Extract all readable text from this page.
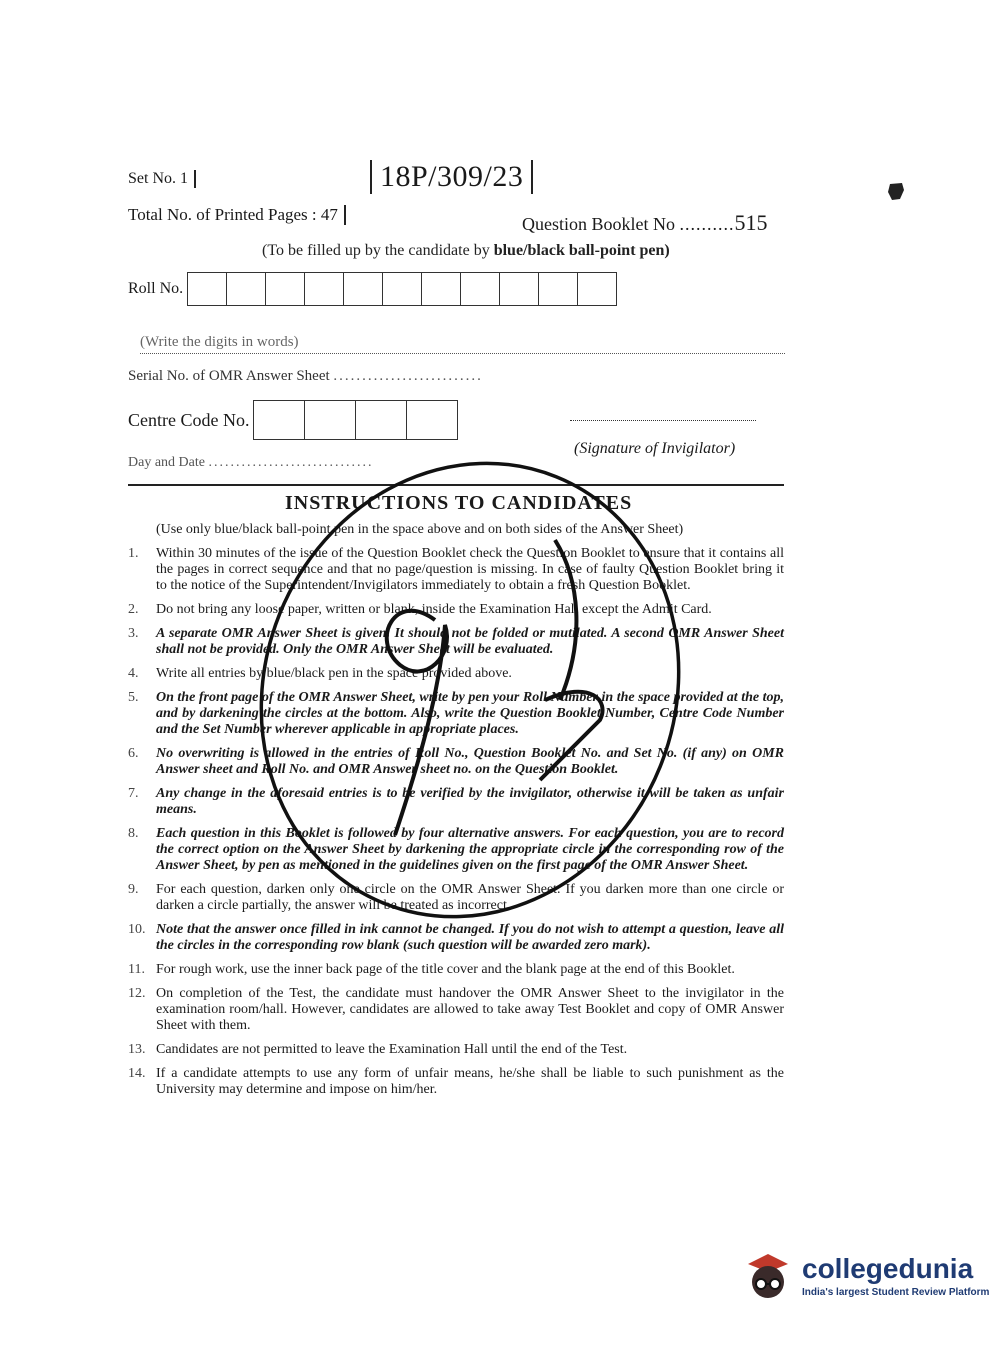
Set No. 1	18P/309/23
Total No. of Printed Pages : 47	Question Booklet No ..........515
(To be filled up by the candidate by blue/black ball-point pen)
Roll No.
(Write the digits in words)
Serial No. of OMR Answer Sheet ..........................
Centre Code No.
(Signature of Invigilator)
Day and Date ..............................
INSTRUCTIONS TO CANDIDATES
(Use only blue/black ball-point pen in the space above and on both sides of the Answer Sheet)
1.	Within 30 minutes of the issue of the Question Booklet check the Question Booklet to ensure that it contains all the pages in correct sequence and that no page/question is missing. In case of faulty Question Booklet bring it to the notice of the Superintendent/Invigilators immediately to obtain a fresh Question Booklet.
2.	Do not bring any loose paper, written or blank, inside the Examination Hall except the Admit Card.
3.	A separate OMR Answer Sheet is given. It should not be folded or mutilated. A second OMR Answer Sheet shall not be provided. Only the OMR Answer Sheet will be evaluated.
4.	Write all entries by blue/black pen in the space provided above.
5.	On the front page of the OMR Answer Sheet, write by pen your Roll Number in the space provided at the top, and by darkening the circles at the bottom. Also, write the Question Booklet Number, Centre Code Number and the Set Number wherever applicable in appropriate places.
6.	No overwriting is allowed in the entries of Roll No., Question Booklet No. and Set No. (if any) on OMR Answer sheet and Roll No. and OMR Answer sheet no. on the Question Booklet.
7.	Any change in the aforesaid entries is to be verified by the invigilator, otherwise it will be taken as unfair means.
8.	Each question in this Booklet is followed by four alternative answers. For each question, you are to record the correct option on the Answer Sheet by darkening the appropriate circle in the corresponding row of the Answer Sheet, by pen as mentioned in the guidelines given on the first page of the OMR Answer Sheet.
9.	For each question, darken only one circle on the OMR Answer Sheet. If you darken more than one circle or darken a circle partially, the answer will be treated as incorrect.
10. Note that the answer once filled in ink cannot be changed. If you do not wish to attempt a question, leave all the circles in the corresponding row blank (such question will be awarded zero mark).
11. For rough work, use the inner back page of the title cover and the blank page at the end of this Booklet.
12. On completion of the Test, the candidate must handover the OMR Answer Sheet to the invigilator in the examination room/hall. However, candidates are allowed to take away Test Booklet and copy of OMR Answer Sheet with them.
13. Candidates are not permitted to leave the Examination Hall until the end of the Test.
14. If a candidate attempts to use any form of unfair means, he/she shall be liable to such punishment as the University may determine and impose on him/her.
collegedunia
India's largest Student Review Platform
